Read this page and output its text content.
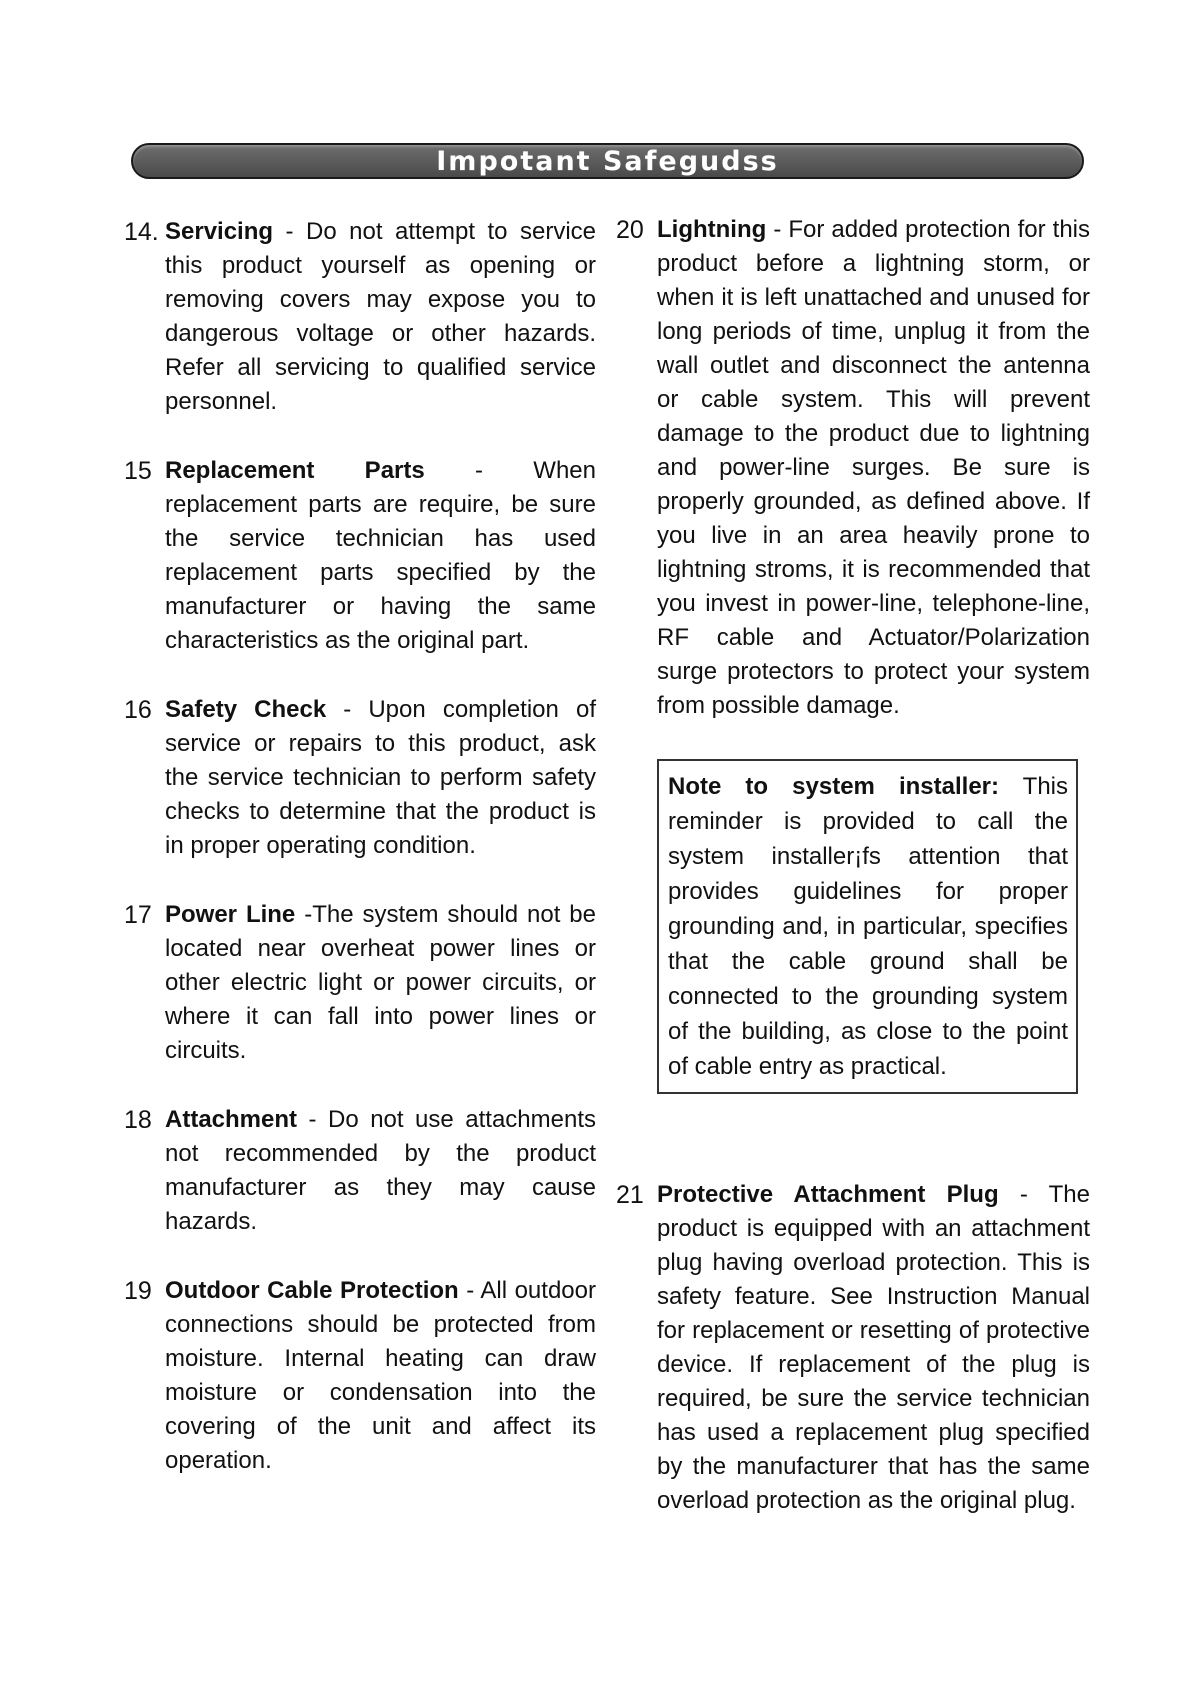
Impotant Safegudss

14. Servicing - Do not attempt to service this product yourself as opening or removing covers may expose you to dangerous voltage or other hazards. Refer all servicing to qualified service personnel.

15 Replacement Parts - When replacement parts are require, be sure the service technician has used replacement parts specified by the manufacturer or having the same characteristics as the original part.

16 Safety Check - Upon completion of service or repairs to this product, ask the service technician to perform safety checks to determine that the product is in proper operating condition.

17 Power Line -The system should not be located near overheat power lines or other electric light or power circuits, or where it can fall into power lines or circuits.

18 Attachment - Do not use attachments not recommended by the product manufacturer as they may cause hazards.

19 Outdoor Cable Protection - All outdoor connections should be protected from moisture. Internal heating can draw moisture or condensation into the covering of the unit and affect its operation.

20 Lightning - For added protection for this product before a lightning storm, or when it is left unattached and unused for long periods of time, unplug it from the wall outlet and disconnect the antenna or cable system. This will prevent damage to the product due to lightning and power-line surges. Be sure is properly grounded, as defined above. If you live in an area heavily prone to lightning stroms, it is recommended that you invest in power-line, telephone-line, RF cable and Actuator/Polarization surge protectors to protect your system from possible damage.

Note to system installer: This reminder is provided to call the system installer¡fs attention that provides guidelines for proper grounding and, in particular, specifies that the cable ground shall be connected to the grounding system of the building, as close to the point of cable entry as practical.

21 Protective Attachment Plug - The product is equipped with an attachment plug having overload protection. This is safety feature. See Instruction Manual for replacement or resetting of protective device. If replacement of the plug is required, be sure the service technician has used a replacement plug specified by the manufacturer that has the same overload protection as the original plug.
